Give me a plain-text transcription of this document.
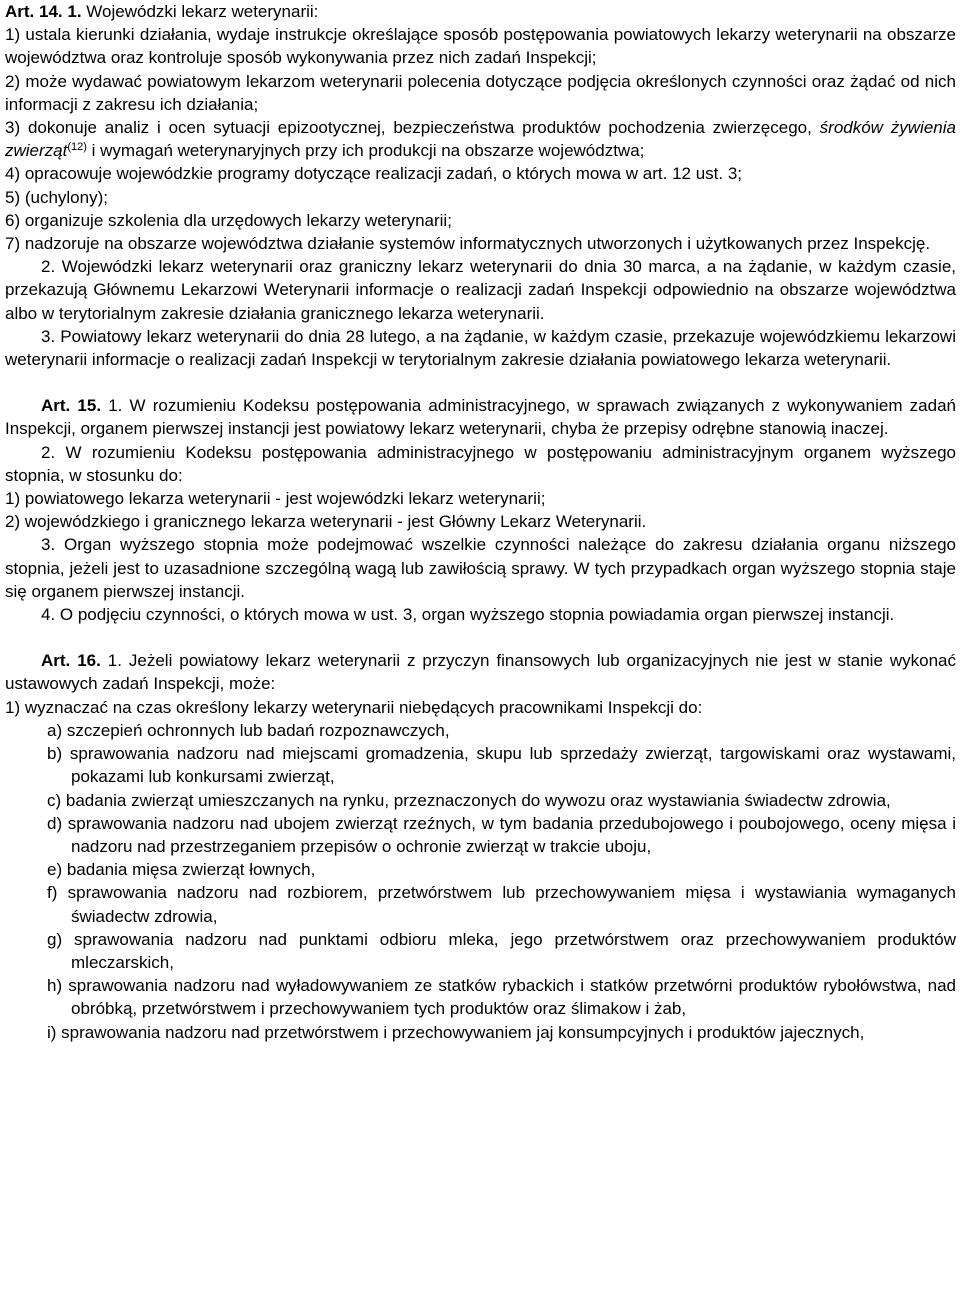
Art. 14. 1. Wojewódzki lekarz weterynarii:

1) ustala kierunki działania, wydaje instrukcje określające sposób postępowania powiatowych lekarzy weterynarii na obszarze województwa oraz kontroluje sposób wykonywania przez nich zadań Inspekcji;

2) może wydawać powiatowym lekarzom weterynarii polecenia dotyczące podjęcia określonych czynności oraz żądać od nich informacji z zakresu ich działania;

3) dokonuje analiz i ocen sytuacji epizootycznej, bezpieczeństwa produktów pochodzenia zwierzęcego, środków żywienia zwierząt$^{(12)}$ i wymagań weterynaryjnych przy ich produkcji na obszarze województwa;

4) opracowuje wojewódzkie programy dotyczące realizacji zadań, o których mowa w art. 12 ust. 3;

5) (uchylony);

6) organizuje szkolenia dla urzędowych lekarzy weterynarii;

7) nadzoruje na obszarze województwa działanie systemów informatycznych utworzonych i użytkowanych przez Inspekcję.

2. Wojewódzki lekarz weterynarii oraz graniczny lekarz weterynarii do dnia 30 marca, a na żądanie, w każdym czasie, przekazują Głównemu Lekarzowi Weterynarii informacje o realizacji zadań Inspekcji odpowiednio na obszarze województwa albo w terytorialnym zakresie działania granicznego lekarza weterynarii.

3. Powiatowy lekarz weterynarii do dnia 28 lutego, a na żądanie, w każdym czasie, przekazuje wojewódzkiemu lekarzowi weterynarii informacje o realizacji zadań Inspekcji w terytorialnym zakresie działania powiatowego lekarza weterynarii.

Art. 15. 1. W rozumieniu Kodeksu postępowania administracyjnego, w sprawach związanych z wykonywaniem zadań Inspekcji, organem pierwszej instancji jest powiatowy lekarz weterynarii, chyba że przepisy odrębne stanowią inaczej.

2. W rozumieniu Kodeksu postępowania administracyjnego w postępowaniu administracyjnym organem wyższego stopnia, w stosunku do:

1) powiatowego lekarza weterynarii - jest wojewódzki lekarz weterynarii;

2) wojewódzkiego i granicznego lekarza weterynarii - jest Główny Lekarz Weterynarii.

3. Organ wyższego stopnia może podejmować wszelkie czynności należące do zakresu działania organu niższego stopnia, jeżeli jest to uzasadnione szczególną wagą lub zawiłością sprawy. W tych przypadkach organ wyższego stopnia staje się organem pierwszej instancji.

4. O podjęciu czynności, o których mowa w ust. 3, organ wyższego stopnia powiadamia organ pierwszej instancji.

Art. 16. 1. Jeżeli powiatowy lekarz weterynarii z przyczyn finansowych lub organizacyjnych nie jest w stanie wykonać ustawowych zadań Inspekcji, może:

1) wyznaczać na czas określony lekarzy weterynarii niebędących pracownikami Inspekcji do:

a) szczepień ochronnych lub badań rozpoznawczych,

b) sprawowania nadzoru nad miejscami gromadzenia, skupu lub sprzedaży zwierząt, targowiskami oraz wystawami, pokazami lub konkursami zwierząt,

c) badania zwierząt umieszczanych na rynku, przeznaczonych do wywozu oraz wystawiania świadectw zdrowia,

d) sprawowania nadzoru nad ubojem zwierząt rzeźnych, w tym badania przedubojowego i poubojowego, oceny mięsa i nadzoru nad przestrzeganiem przepisów o ochronie zwierząt w trakcie uboju,

e) badania mięsa zwierząt łownych,

f) sprawowania nadzoru nad rozbiorem, przetwórstwem lub przechowywaniem mięsa i wystawiania wymaganych świadectw zdrowia,

g) sprawowania nadzoru nad punktami odbioru mleka, jego przetwórstwem oraz przechowywaniem produktów mleczarskich,

h) sprawowania nadzoru nad wyładowywaniem ze statków rybackich i statków przetwórni produktów rybołówstwa, nad obróbką, przetwórstwem i przechowywaniem tych produktów oraz ślimakow i żab,

i) sprawowania nadzoru nad przetwórstwem i przechowywaniem jaj konsumpcyjnych i produktów jajecznych,
